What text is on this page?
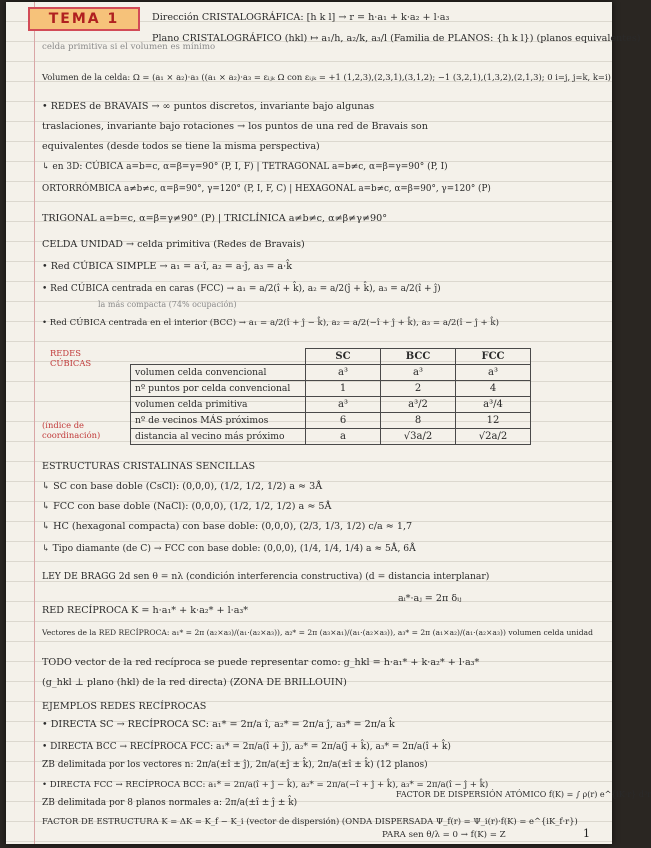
TEMA 1	Dirección CRISTALOGRÁFICA: [h k l] → r = h·a₁ + k·a₂ + l·a₃
celda primitiva si el volumen es mínimo
Plano CRISTALOGRÁFICO (hkl) ↦ a₁/h, a₂/k, a₃/l (Familia de PLANOS: {h k l}) (planos equivalentes)
Volumen de la celda: Ω = (a₁ × a₂)·a₃ ((a₁ × a₂)·a₃ = εᵢⱼₖ Ω con εᵢⱼₖ = +1 (1,2,3),(2,3,1),(3,1,2); −1 (3,2,1),(1,3,2),(2,1,3); 0 i=j, j=k, k=i)
• REDES de BRAVAIS → ∞ puntos discretos, invariante bajo algunas
traslaciones, invariante bajo rotaciones → los puntos de una red de Bravais son
equivalentes (desde todos se tiene la misma perspectiva)
↳ en 3D: CÚBICA a=b=c, α=β=γ=90° (P, I, F) | TETRAGONAL a=b≠c, α=β=γ=90° (P, I)
ORTORRÓMBICA a≠b≠c, α=β=90°, γ=120° (P, I, F, C) | HEXAGONAL a=b≠c, α=β=90°, γ=120° (P)
TRIGONAL a=b=c, α=β=γ≠90° (P) | TRICLÍNICA a≠b≠c, α≠β≠γ≠90°
CELDA UNIDAD → celda primitiva (Redes de Bravais)
• Red CÚBICA SIMPLE → a₁ = a·î, a₂ = a·ĵ, a₃ = a·k̂
• Red CÚBICA centrada en caras (FCC) → a₁ = a/2(î + k̂), a₂ = a/2(ĵ + k̂), a₃ = a/2(î + ĵ)
la más compacta (74% ocupación)
• Red CÚBICA centrada en el interior (BCC) → a₁ = a/2(î + ĵ − k̂), a₂ = a/2(−î + ĵ + k̂), a₃ = a/2(î − ĵ + k̂)
REDES CÚBICAS
(índice de coordinación)
	SC	BCC	FCC
volumen celda convencional	a³	a³	a³
nº puntos por celda convencional	1	2	4
volumen celda primitiva	a³	a³/2	a³/4
nº de vecinos MÁS próximos	6	8	12
distancia al vecino más próximo	a	√3a/2	√2a/2
ESTRUCTURAS CRISTALINAS SENCILLAS
↳ SC con base doble (CsCl): (0,0,0), (1/2, 1/2, 1/2) a ≈ 3Å
↳ FCC con base doble (NaCl): (0,0,0), (1/2, 1/2, 1/2) a ≈ 5Å
↳ HC (hexagonal compacta) con base doble: (0,0,0), (2/3, 1/3, 1/2) c/a ≈ 1,7
↳ Tipo diamante (de C) → FCC con base doble: (0,0,0), (1/4, 1/4, 1/4) a ≈ 5Å, 6Å
LEY DE BRAGG 2d sen θ = nλ (condición interferencia constructiva) (d = distancia interplanar)
aᵢ*·aⱼ = 2π δᵢⱼ
RED RECÍPROCA K = h·a₁* + k·a₂* + l·a₃*
Vectores de la RED RECÍPROCA: a₁* = 2π (a₂×a₃)/(a₁·(a₂×a₃)), a₂* = 2π (a₃×a₁)/(a₁·(a₂×a₃)), a₃* = 2π (a₁×a₂)/(a₁·(a₂×a₃)) volumen celda unidad
TODO vector de la red recíproca se puede representar como: g_hkl = h·a₁* + k·a₂* + l·a₃*
(g_hkl ⊥ plano (hkl) de la red directa) (ZONA DE BRILLOUIN)
EJEMPLOS REDES RECÍPROCAS
• DIRECTA SC → RECÍPROCA SC: a₁* = 2π/a î, a₂* = 2π/a ĵ, a₃* = 2π/a k̂
• DIRECTA BCC → RECÍPROCA FCC: a₁* = 2π/a(î + ĵ), a₂* = 2π/a(ĵ + k̂), a₃* = 2π/a(î + k̂)
ZB delimitada por los vectores n: 2π/a(±î ± ĵ), 2π/a(±ĵ ± k̂), 2π/a(±î ± k̂) (12 planos)
• DIRECTA FCC → RECÍPROCA BCC: a₁* = 2π/a(î + ĵ − k̂), a₂* = 2π/a(−î + ĵ + k̂), a₃* = 2π/a(î − ĵ + k̂)
ZB delimitada por 8 planos normales a: 2π/a(±î ± ĵ ± k̂)
FACTOR DE DISPERSIÓN ATÓMICO f(K) = ∫ ρ(r) e^{iK·r} d³r
FACTOR DE ESTRUCTURA K = ΔK = K_f − K_i (vector de dispersión) (ONDA DISPERSADA Ψ_f(r) = Ψ_i(r)·f(K) = e^{iK_f·r})
PARA sen θ/λ = 0 → f(K) = Z	1
